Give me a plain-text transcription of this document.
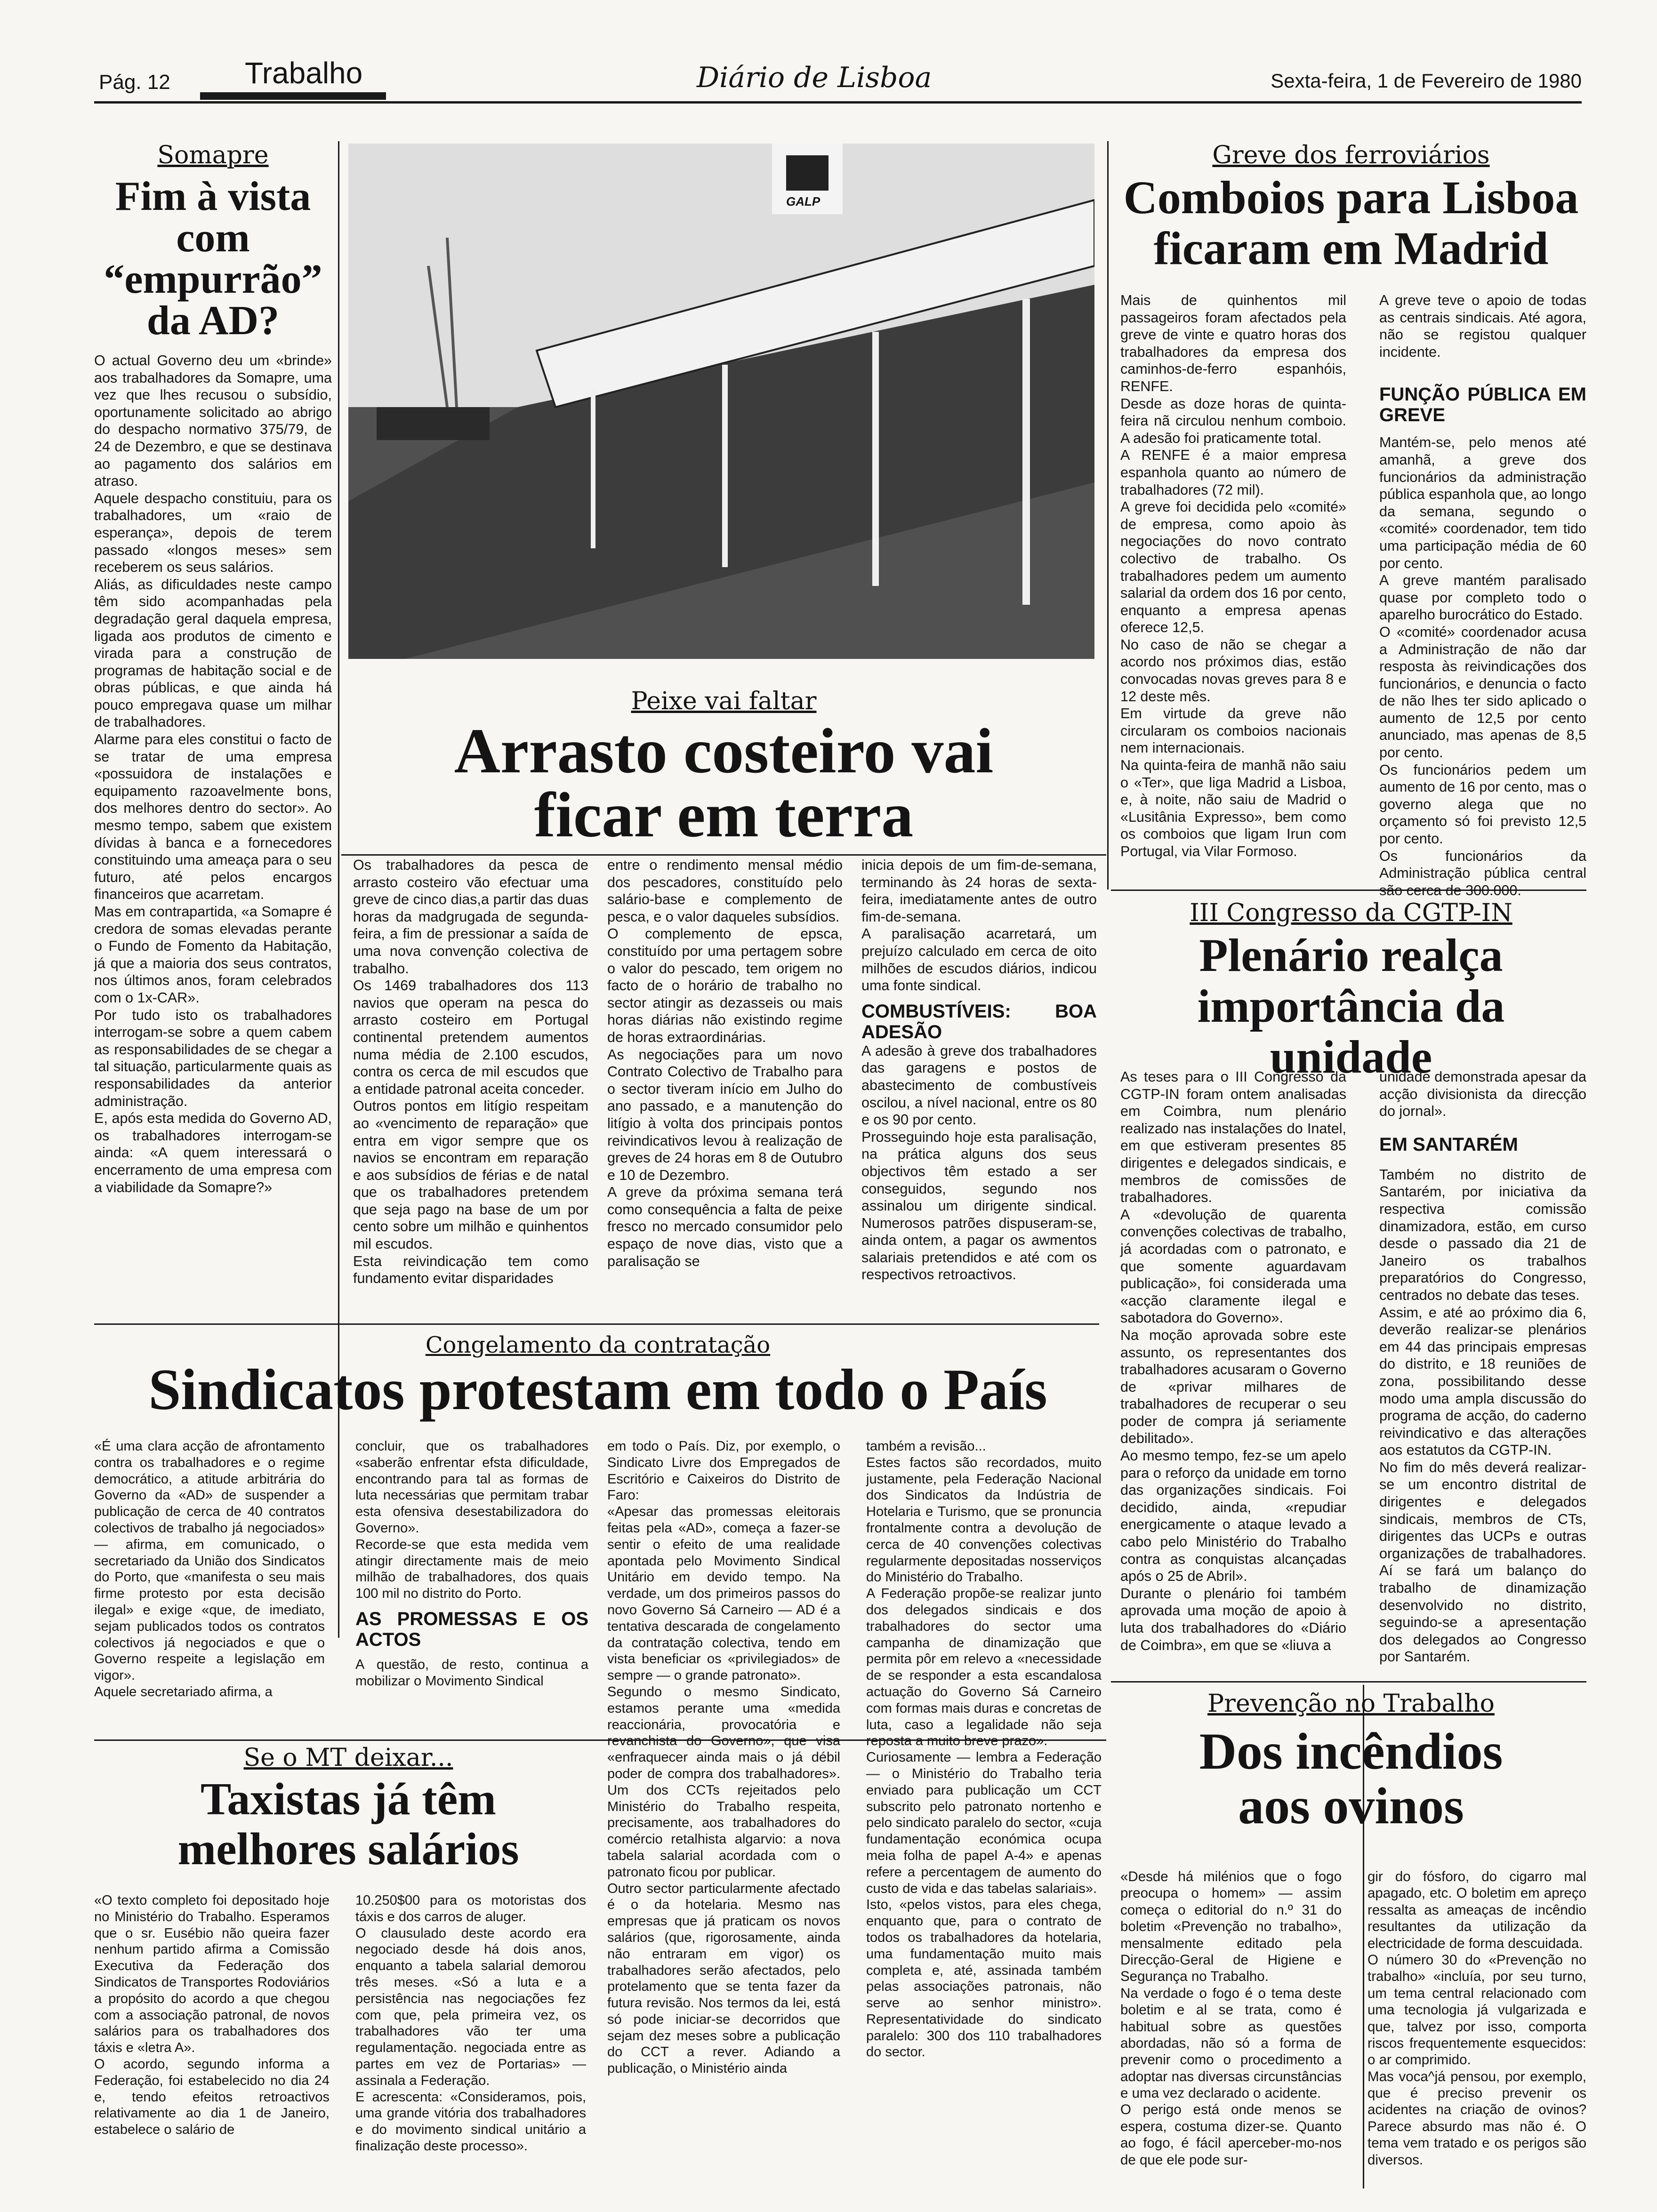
Pág. 12 Trabalho	Diário de Lisboa	Sexta-feira, 1 de Fevereiro de 1980
Somapre
Fim à vista com “empurrão” da AD?
O actual Governo deu um «brinde» aos trabalhadores da Somapre, uma vez que lhes recusou o subsídio, oportunamente solicitado ao abrigo do despacho normativo 375/79, de 24 de Dezembro, e que se destinava ao pagamento dos salários em atraso.
Aquele despacho constituiu, para os trabalhadores, um «raio de esperança», depois de terem passado «longos meses» sem receberem os seus salários.
Aliás, as dificuldades neste campo têm sido acompanhadas pela degradação geral daquela empresa, ligada aos produtos de cimento e virada para a construção de programas de habitação social e de obras públicas, e que ainda há pouco empregava quase um milhar de trabalhadores.
Alarme para eles constitui o facto de se tratar de uma empresa «possuidora de instalações e equipamento razoavelmente bons, dos melhores dentro do sector». Ao mesmo tempo, sabem que existem dívidas à banca e a fornecedores constituindo uma ameaça para o seu futuro, até pelos encargos financeiros que acarretam.
Mas em contrapartida, «a Somapre é credora de somas elevadas perante o Fundo de Fomento da Habitação, já que a maioria dos seus contratos, nos últimos anos, foram celebrados com o 1x-CAR».
Por tudo isto os trabalhadores interrogam-se sobre a quem cabem as responsabilidades de se chegar a tal situação, particularmente quais as responsabilidades da anterior administração.
E, após esta medida do Governo AD, os trabalhadores interrogam-se ainda: «A quem interessará o encerramento de uma empresa com a viabilidade da Somapre?»
GALP
Peixe vai faltar
Arrasto costeiro vai ficar em terra
Os trabalhadores da pesca de arrasto costeiro vão efectuar uma greve de cinco dias,a partir das duas horas da madgrugada de segunda-feira, a fim de pressionar a saída de uma nova convenção colectiva de trabalho.
Os 1469 trabalhadores dos 113 navios que operam na pesca do arrasto costeiro em Portugal continental pretendem aumentos numa média de 2.100 escudos, contra os cerca de mil escudos que a entidade patronal aceita conceder.
Outros pontos em litígio respeitam ao «vencimento de reparação» que entra em vigor sempre que os navios se encontram em reparação e aos subsídios de férias e de natal que os trabalhadores pretendem que seja pago na base de um por cento sobre um milhão e quinhentos mil escudos.
Esta reivindicação tem como fundamento evitar disparidades
entre o rendimento mensal médio dos pescadores, constituído pelo salário-base e complemento de pesca, e o valor daqueles subsídios.
O complemento de epsca, constituído por uma pertagem sobre o valor do pescado, tem origem no facto de o horário de trabalho no sector atingir as dezasseis ou mais horas diárias não existindo regime de horas extraordinárias.
As negociações para um novo Contrato Colectivo de Trabalho para o sector tiveram início em Julho do ano passado, e a manutenção do litígio à volta dos principais pontos reivindicativos levou à realização de greves de 24 horas em 8 de Outubro e 10 de Dezembro.
A greve da próxima semana terá como consequência a falta de peixe fresco no mercado consumidor pelo espaço de nove dias, visto que a paralisação se
inicia depois de um fim-de-semana, terminando às 24 horas de sexta-feira, imediatamente antes de outro fim-de-semana.
A paralisação acarretará, um prejuízo calculado em cerca de oito milhões de escudos diários, indicou uma fonte sindical.
COMBUSTÍVEIS: BOA ADESÃO
A adesão à greve dos trabalhadores das garagens e postos de abastecimento de combustíveis oscilou, a nível nacional, entre os 80 e os 90 por cento.
Prosseguindo hoje esta paralisação, na prática alguns dos seus objectivos têm estado a ser conseguidos, segundo nos assinalou um dirigente sindical. Numerosos patrões dispuseram-se, ainda ontem, a pagar os awmentos salariais pretendidos e até com os respectivos retroactivos.
Greve dos ferroviários
Comboios para Lisboa ficaram em Madrid
Mais de quinhentos mil passageiros foram afectados pela greve de vinte e quatro horas dos trabalhadores da empresa dos caminhos-de-ferro espanhóis, RENFE.
Desde as doze horas de quinta-feira nã circulou nenhum comboio. A adesão foi praticamente total.
A RENFE é a maior empresa espanhola quanto ao número de trabalhadores (72 mil).
A greve foi decidida pelo «comité» de empresa, como apoio às negociações do novo contrato colectivo de trabalho. Os trabalhadores pedem um aumento salarial da ordem dos 16 por cento, enquanto a empresa apenas oferece 12,5.
No caso de não se chegar a acordo nos próximos dias, estão convocadas novas greves para 8 e 12 deste mês.
Em virtude da greve não circularam os comboios nacionais nem internacionais.
Na quinta-feira de manhã não saiu o «Ter», que liga Madrid a Lisboa, e, à noite, não saiu de Madrid o «Lusitânia Expresso», bem como os comboios que ligam Irun com Portugal, via Vilar Formoso.
A greve teve o apoio de todas as centrais sindicais. Até agora, não se registou qualquer incidente.
FUNÇÃO PÚBLICA EM GREVE
Mantém-se, pelo menos até amanhã, a greve dos funcionários da administração pública espanhola que, ao longo da semana, segundo o «comité» coordenador, tem tido uma participação média de 60 por cento.
A greve mantém paralisado quase por completo todo o aparelho burocrático do Estado.
O «comité» coordenador acusa a Administração de não dar resposta às reivindicações dos funcionários, e denuncia o facto de não lhes ter sido aplicado o aumento de 12,5 por cento anunciado, mas apenas de 8,5 por cento.
Os funcionários pedem um aumento de 16 por cento, mas o governo alega que no orçamento só foi previsto 12,5 por cento.
Os funcionários da Administração pública central são cerca de 300.000.
III Congresso da CGTP-IN
Plenário realça importância da unidade
As teses para o III Congresso da CGTP-IN foram ontem analisadas em Coimbra, num plenário realizado nas instalações do Inatel, em que estiveram presentes 85 dirigentes e delegados sindicais, e membros de comissões de trabalhadores.
A «devolução de quarenta convenções colectivas de trabalho, já acordadas com o patronato, e que somente aguardavam publicação», foi considerada uma «acção claramente ilegal e sabotadora do Governo».
Na moção aprovada sobre este assunto, os representantes dos trabalhadores acusaram o Governo de «privar milhares de trabalhadores de recuperar o seu poder de compra já seriamente debilitado».
Ao mesmo tempo, fez-se um apelo para o reforço da unidade em torno das organizações sindicais. Foi decidido, ainda, «repudiar energicamente o ataque levado a cabo pelo Ministério do Trabalho contra as conquistas alcançadas após o 25 de Abril».
Durante o plenário foi também aprovada uma moção de apoio à luta dos trabalhadores do «Diário de Coimbra», em que se «liuva a
unidade demonstrada apesar da acção divisionista da direcção do jornal».
EM SANTARÉM
Também no distrito de Santarém, por iniciativa da respectiva comissão dinamizadora, estão, em curso desde o passado dia 21 de Janeiro os trabalhos preparatórios do Congresso, centrados no debate das teses.
Assim, e até ao próximo dia 6, deverão realizar-se plenários em 44 das principais empresas do distrito, e 18 reuniões de zona, possibilitando desse modo uma ampla discussão do programa de acção, do caderno reivindicativo e das alterações aos estatutos da CGTP-IN.
No fim do mês deverá realizar-se um encontro distrital de dirigentes e delegados sindicais, membros de CTs, dirigentes das UCPs e outras organizações de trabalhadores. Aí se fará um balanço do trabalho de dinamização desenvolvido no distrito, seguindo-se a apresentação dos delegados ao Congresso por Santarém.
Congelamento da contratação
Sindicatos protestam em todo o País
«É uma clara acção de afrontamento contra os trabalhadores e o regime democrático, a atitude arbitrária do Governo da «AD» de suspender a publicação de cerca de 40 contratos colectivos de trabalho já negociados» — afirma, em comunicado, o secretariado da União dos Sindicatos do Porto, que «manifesta o seu mais firme protesto por esta decisão ilegal» e exige «que, de imediato, sejam publicados todos os contratos colectivos já negociados e que o Governo respeite a legislação em vigor».
Aquele secretariado afirma, a
concluir, que os trabalhadores «saberão enfrentar efsta dificuldade, encontrando para tal as formas de luta necessárias que permitam trabar esta ofensiva desestabilizadora do Governo».
Recorde-se que esta medida vem atingir directamente mais de meio milhão de trabalhadores, dos quais 100 mil no distrito do Porto.
AS PROMESSAS E OS ACTOS
A questão, de resto, continua a mobilizar o Movimento Sindical
em todo o País. Diz, por exemplo, o Sindicato Livre dos Empregados de Escritório e Caixeiros do Distrito de Faro:
«Apesar das promessas eleitorais feitas pela «AD», começa a fazer-se sentir o efeito de uma realidade apontada pelo Movimento Sindical Unitário em devido tempo. Na verdade, um dos primeiros passos do novo Governo Sá Carneiro — AD é a tentativa descarada de congelamento da contratação colectiva, tendo em vista beneficiar os «privilegiados» de sempre — o grande patronato».
Segundo o mesmo Sindicato, estamos perante uma «medida reaccionária, provocatória e revanchista do Governo», que visa «enfraquecer ainda mais o já débil poder de compra dos trabalhadores». Um dos CCTs rejeitados pelo Ministério do Trabalho respeita, precisamente, aos trabalhadores do comércio retalhista algarvio: a nova tabela salarial acordada com o patronato ficou por publicar.
Outro sector particularmente afectado é o da hotelaria. Mesmo nas empresas que já praticam os novos salários (que, rigorosamente, ainda não entraram em vigor) os trabalhadores serão afectados, pelo protelamento que se tenta fazer da futura revisão. Nos termos da lei, está só pode iniciar-se decorridos que sejam dez meses sobre a publicação do CCT a rever. Adiando a publicação, o Ministério ainda
também a revisão...
Estes factos são recordados, muito justamente, pela Federação Nacional dos Sindicatos da Indústria de Hotelaria e Turismo, que se pronuncia frontalmente contra a devolução de cerca de 40 convenções colectivas regularmente depositadas nosserviços do Ministério do Trabalho.
A Federação propõe-se realizar junto dos delegados sindicais e dos trabalhadores do sector uma campanha de dinamização que permita pôr em relevo a «necessidade de se responder a esta escandalosa actuação do Governo Sá Carneiro com formas mais duras e concretas de luta, caso a legalidade não seja reposta a muito breve prazo».
Curiosamente — lembra a Federação — o Ministério do Trabalho teria enviado para publicação um CCT subscrito pelo patronato nortenho e pelo sindicato paralelo do sector, «cuja fundamentação económica ocupa meia folha de papel A-4» e apenas refere a percentagem de aumento do custo de vida e das tabelas salariais».
Isto, «pelos vistos, para eles chega, enquanto que, para o contrato de todos os trabalhadores da hotelaria, uma fundamentação muito mais completa e, até, assinada também pelas associações patronais, não serve ao senhor ministro». Representatividade do sindicato paralelo: 300 dos 110 trabalhadores do sector.
Se o MT deixar...
Taxistas já têm melhores salários
«O texto completo foi depositado hoje no Ministério do Trabalho. Esperamos que o sr. Eusébio não queira fazer nenhum partido afirma a Comissão Executiva da Federação dos Sindicatos de Transportes Rodoviários a propósito do acordo a que chegou com a associação patronal, de novos salários para os trabalhadores dos táxis e «letra A».
O acordo, segundo informa a Federação, foi estabelecido no dia 24 e, tendo efeitos retroactivos relativamente ao dia 1 de Janeiro, estabelece o salário de
10.250$00 para os motoristas dos táxis e dos carros de aluger.
O clausulado deste acordo era negociado desde há dois anos, enquanto a tabela salarial demorou três meses. «Só a luta e a persistência nas negociações fez com que, pela primeira vez, os trabalhadores vão ter uma regulamentação. negociada entre as partes em vez de Portarias» — assinala a Federação.
E acrescenta: «Consideramos, pois, uma grande vitória dos trabalhadores e do movimento sindical unitário a finalização deste processo».
Prevenção no Trabalho
Dos incêndios aos ovinos
«Desde há milénios que o fogo preocupa o homem» — assim começa o editorial do n.º 31 do boletim «Prevenção no trabalho», mensalmente editado pela Direcção-Geral de Higiene e Segurança no Trabalho.
Na verdade o fogo é o tema deste boletim e al se trata, como é habitual sobre as questões abordadas, não só a forma de prevenir como o procedimento a adoptar nas diversas circunstâncias e uma vez declarado o acidente.
O perigo está onde menos se espera, costuma dizer-se. Quanto ao fogo, é fácil aperceber-mo-nos de que ele pode sur-
gir do fósforo, do cigarro mal apagado, etc. O boletim em apreço ressalta as ameaças de incêndio resultantes da utilização da electricidade de forma descuidada.
O número 30 do «Prevenção no trabalho» «incluía, por seu turno, um tema central relacionado com uma tecnologia já vulgarizada e que, talvez por isso, comporta riscos frequentemente esquecidos: o ar comprimido.
Mas voca^já pensou, por exemplo, que é preciso prevenir os acidentes na criação de ovinos? Parece absurdo mas não é. O tema vem tratado e os perigos são diversos.
